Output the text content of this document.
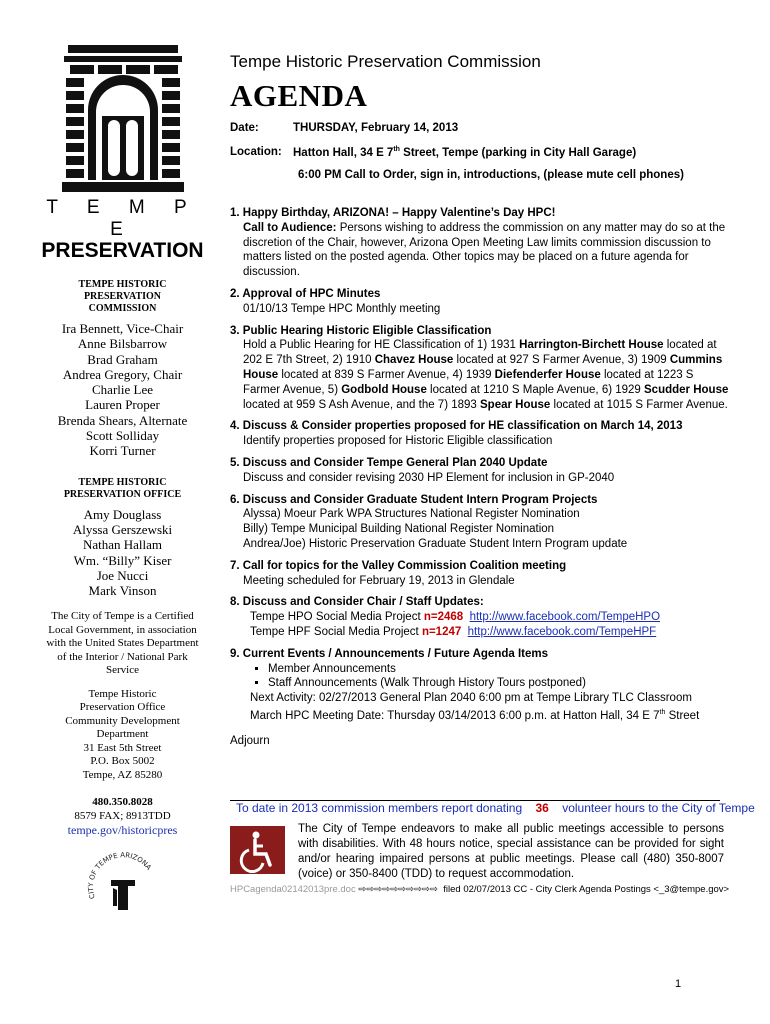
T E M P E
PRESERVATION
TEMPE HISTORIC PRESERVATION COMMISSION
Ira Bennett, Vice-Chair
Anne Bilsbarrow
Brad Graham
Andrea Gregory, Chair
Charlie Lee
Lauren Proper
Brenda Shears, Alternate
Scott Solliday
Korri Turner
TEMPE HISTORIC PRESERVATION OFFICE
Amy Douglass
Alyssa Gerszewski
Nathan Hallam
Wm. “Billy” Kiser
Joe Nucci
Mark Vinson
The City of Tempe is a Certified Local Government, in association with the United States Department of the Interior / National Park Service
Tempe Historic
Preservation Office
Community Development
Department
31 East 5th Street
P.O. Box 5002
Tempe, AZ 85280
480.350.8028
8579 FAX; 8913TDD
tempe.gov/historicpres
CITY OF TEMPE ARIZONA
Tempe Historic Preservation Commission
AGENDA
Date:	THURSDAY, February 14, 2013
Location: Hatton Hall, 34 E 7th Street, Tempe (parking in City Hall Garage)
6:00 PM Call to Order, sign in, introductions, (please mute cell phones)
1. Happy Birthday, ARIZONA! – Happy Valentine’s Day HPC!
Call to Audience: Persons wishing to address the commission on any matter may do so at the discretion of the Chair, however, Arizona Open Meeting Law limits commission discussion to matters listed on the posted agenda. Other topics may be placed on a future agenda for discussion.
2. Approval of HPC Minutes
01/10/13 Tempe HPC Monthly meeting
3. Public Hearing Historic Eligible Classification
Hold a Public Hearing for HE Classification of 1) 1931 Harrington-Birchett House located at 202 E 7th Street, 2) 1910 Chavez House located at 927 S Farmer Avenue, 3) 1909 Cummins House located at 839 S Farmer Avenue, 4) 1939 Diefenderfer House located at 1223 S Farmer Avenue, 5) Godbold House located at 1210 S Maple Avenue, 6) 1929 Scudder House located at 959 S Ash Avenue, and the 7) 1893 Spear House located at 1015 S Farmer Avenue.
4. Discuss & Consider properties proposed for HE classification on March 14, 2013
Identify properties proposed for Historic Eligible classification
5. Discuss and Consider Tempe General Plan 2040 Update
Discuss and consider revising 2030 HP Element for inclusion in GP-2040
6. Discuss and Consider Graduate Student Intern Program Projects
Alyssa) Moeur Park WPA Structures National Register Nomination
Billy) Tempe Municipal Building National Register Nomination
Andrea/Joe) Historic Preservation Graduate Student Intern Program update
7. Call for topics for the Valley Commission Coalition meeting
Meeting scheduled for February 19, 2013 in Glendale
8. Discuss and Consider Chair / Staff Updates:
Tempe HPO Social Media Project n=2468 http://www.facebook.com/TempeHPO
Tempe HPF Social Media Project n=1247 http://www.facebook.com/TempeHPF
9. Current Events / Announcements / Future Agenda Items
▪ Member Announcements
▪ Staff Announcements (Walk Through History Tours postponed)
Next Activity: 02/27/2013 General Plan 2040 6:00 pm at Tempe Library TLC Classroom
March HPC Meeting Date: Thursday 03/14/2013 6:00 p.m. at Hatton Hall, 34 E 7th Street
Adjourn
To date in 2013 commission members report donating 36 volunteer hours to the City of Tempe
The City of Tempe endeavors to make all public meetings accessible to persons with disabilities. With 48 hours notice, special assistance can be provided for sight and/or hearing impaired persons at public meetings. Please call (480) 350-8007 (voice) or 350-8400 (TDD) to request accommodation.
HPCagenda02142013pre.doc ⇨⇨⇨⇨⇨⇨⇨⇨⇨⇨ filed 02/07/2013 CC - City Clerk Agenda Postings <_3@tempe.gov>
1
